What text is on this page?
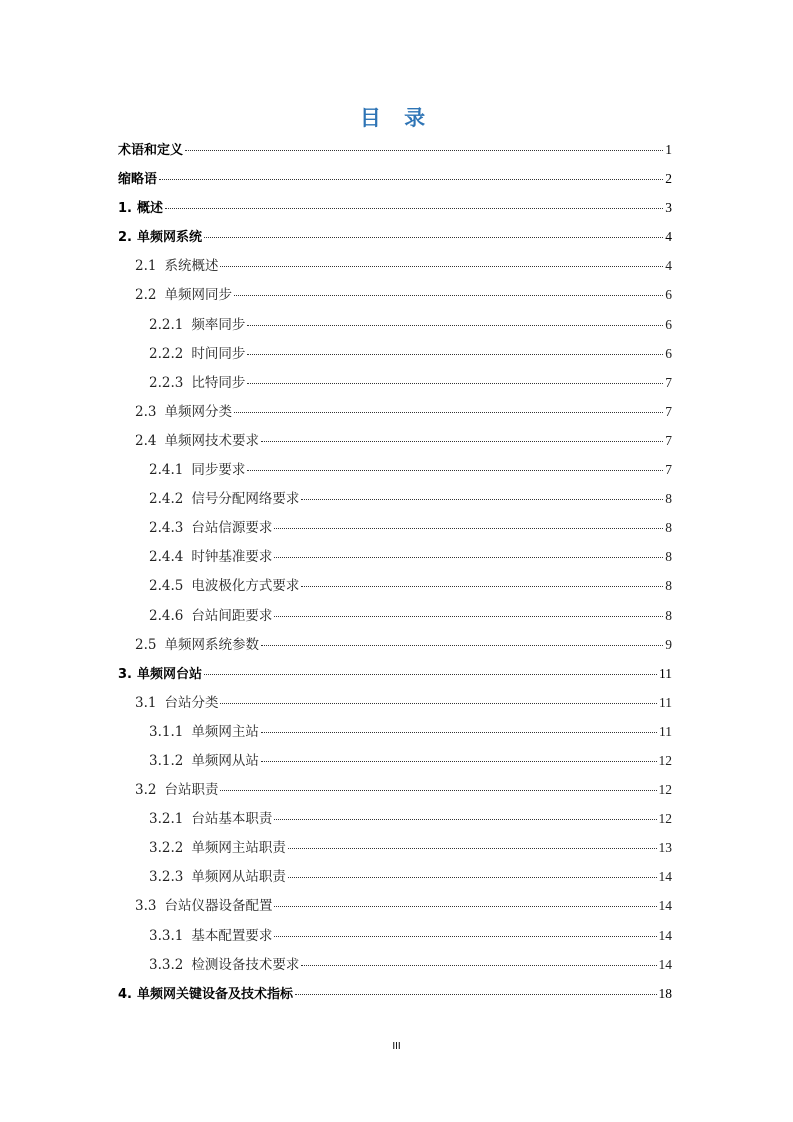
目 录
术语和定义	1
缩略语	2
1. 概述	3
2. 单频网系统	4
2.1 系统概述	4
2.2 单频网同步	6
2.2.1 频率同步	6
2.2.2 时间同步	6
2.2.3 比特同步	7
2.3 单频网分类	7
2.4 单频网技术要求	7
2.4.1 同步要求	7
2.4.2 信号分配网络要求	8
2.4.3 台站信源要求	8
2.4.4 时钟基准要求	8
2.4.5 电波极化方式要求	8
2.4.6 台站间距要求	8
2.5 单频网系统参数	9
3. 单频网台站	11
3.1 台站分类	11
3.1.1 单频网主站	11
3.1.2 单频网从站	12
3.2 台站职责	12
3.2.1 台站基本职责	12
3.2.2 单频网主站职责	13
3.2.3 单频网从站职责	14
3.3 台站仪器设备配置	14
3.3.1 基本配置要求	14
3.3.2 检测设备技术要求	14
4. 单频网关键设备及技术指标	18
III
